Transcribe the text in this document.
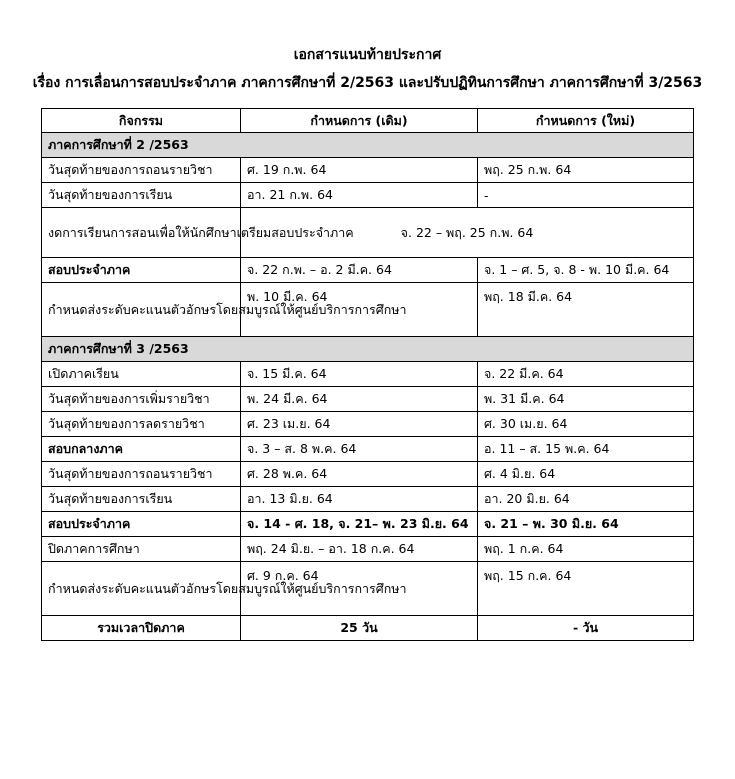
เอกสารแนบท้ายประกาศ
เรื่อง การเลื่อนการสอบประจำภาค ภาคการศึกษาที่ 2/2563 และปรับปฏิทินการศึกษา ภาคการศึกษาที่ 3/2563
กิจกรรม	กำหนดการ (เดิม)	กำหนดการ (ใหม่)
ภาคการศึกษาที่ 2 /2563		
วันสุดท้ายของการถอนรายวิชา	ศ. 19 ก.พ. 64	พฤ. 25 ก.พ. 64
วันสุดท้ายของการเรียน	อา. 21 ก.พ. 64	-
งดการเรียนการสอนเพื่อให้นักศึกษาเตรียมสอบประจำภาค	จ. 22 – พฤ. 25 ก.พ. 64	
สอบประจำภาค	จ. 22 ก.พ. – อ. 2 มี.ค. 64	จ. 1 – ศ. 5, จ. 8 - พ. 10 มี.ค. 64
กำหนดส่งระดับคะแนนตัวอักษรโดยสมบูรณ์ให้ศูนย์บริการการศึกษา	พ. 10 มี.ค. 64	พฤ. 18 มี.ค. 64
ภาคการศึกษาที่ 3 /2563		
เปิดภาคเรียน	จ. 15 มี.ค. 64	จ. 22 มี.ค. 64
วันสุดท้ายของการเพิ่มรายวิชา	พ. 24 มี.ค. 64	พ. 31 มี.ค. 64
วันสุดท้ายของการลดรายวิชา	ศ. 23 เม.ย. 64	ศ. 30 เม.ย. 64
สอบกลางภาค	จ. 3 – ส. 8 พ.ค. 64	อ. 11 – ส. 15 พ.ค. 64
วันสุดท้ายของการถอนรายวิชา	ศ. 28 พ.ค. 64	ศ. 4 มิ.ย. 64
วันสุดท้ายของการเรียน	อา. 13 มิ.ย. 64	อา. 20 มิ.ย. 64
สอบประจำภาค	จ. 14 - ศ. 18, จ. 21– พ. 23 มิ.ย. 64	จ. 21 – พ. 30 มิ.ย. 64
ปิดภาคการศึกษา	พฤ. 24 มิ.ย. – อา. 18 ก.ค. 64	พฤ. 1 ก.ค. 64
กำหนดส่งระดับคะแนนตัวอักษรโดยสมบูรณ์ให้ศูนย์บริการการศึกษา	ศ. 9 ก.ค. 64	พฤ. 15 ก.ค. 64
รวมเวลาปิดภาค	25 วัน	- วัน
